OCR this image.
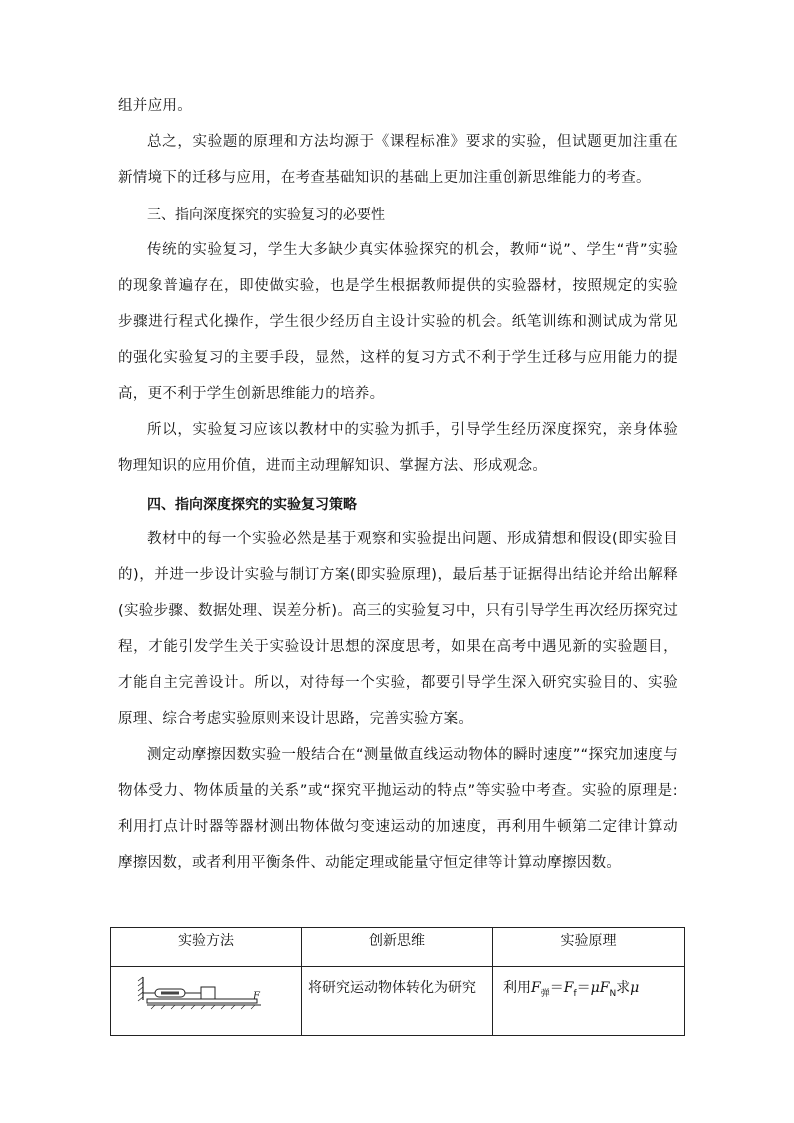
组并应用。

总之，实验题的原理和方法均源于《课程标准》要求的实验，但试题更加注重在新情境下的迁移与应用，在考查基础知识的基础上更加注重创新思维能力的考查。

三、指向深度探究的实验复习的必要性

传统的实验复习，学生大多缺少真实体验探究的机会，教师“说”、学生“背”实验的现象普遍存在，即使做实验，也是学生根据教师提供的实验器材，按照规定的实验步骤进行程式化操作，学生很少经历自主设计实验的机会。纸笔训练和测试成为常见的强化实验复习的主要手段，显然，这样的复习方式不利于学生迁移与应用能力的提高，更不利于学生创新思维能力的培养。

所以，实验复习应该以教材中的实验为抓手，引导学生经历深度探究，亲身体验物理知识的应用价值，进而主动理解知识、掌握方法、形成观念。

四、指向深度探究的实验复习策略

教材中的每一个实验必然是基于观察和实验提出问题、形成猜想和假设(即实验目的)，并进一步设计实验与制订方案(即实验原理)，最后基于证据得出结论并给出解释(实验步骤、数据处理、误差分析)。高三的实验复习中，只有引导学生再次经历探究过程，才能引发学生关于实验设计思想的深度思考，如果在高考中遇见新的实验题目，才能自主完善设计。所以，对待每一个实验，都要引导学生深入研究实验目的、实验原理、综合考虑实验原则来设计思路，完善实验方案。

测定动摩擦因数实验一般结合在“测量做直线运动物体的瞬时速度”“探究加速度与物体受力、物体质量的关系”或“探究平抛运动的特点”等实验中考查。实验的原理是: 利用打点计时器等器材测出物体做匀变速运动的加速度，再利用牛顿第二定律计算动摩擦因数，或者利用平衡条件、动能定理或能量守恒定律等计算动摩擦因数。

实验方法	创新思维	实验原理

F	将研究运动物体转化为研究	利用$F_弹=F_f=\mu F_N$求μ
